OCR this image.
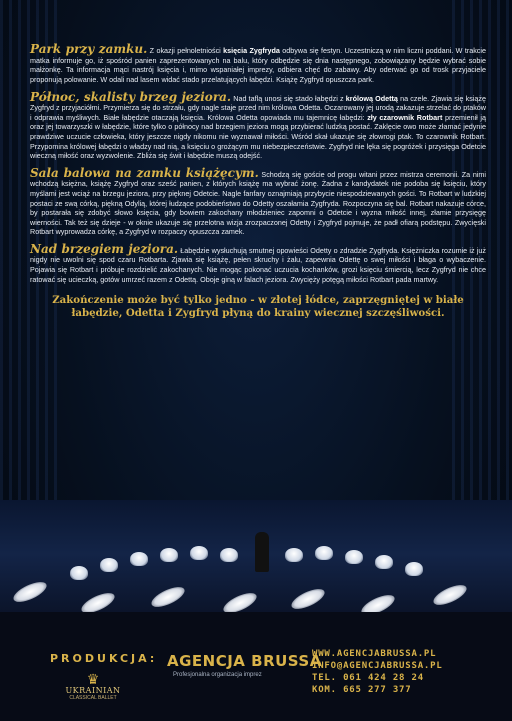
Park przy zamku. Z okazji pełnoletniości księcia Zygfryda odbywa się festyn. Uczestniczą w nim liczni poddani. W trakcie matka informuje go, iż spośród panien zaprezentowanych na balu, który odbędzie się dnia następnego, zobowiązany będzie wybrać sobie małżonkę. Ta informacja mąci nastrój księcia i, mimo wspaniałej imprezy, odbiera chęć do zabawy. Aby oderwać go od trosk przyjaciele proponują polowanie. W odali nad lasem widać stado przelatujących łabędzi. Książę Zygfryd opuszcza park.

Północ, skalisty brzeg jeziora. Nad taflą unosi się stado łabędzi z królową Odettą na czele. Zjawia się książę Zygfryd z przyjaciółmi. Przymierza się do strzału, gdy nagle staje przed nim królowa Odetta. Oczarowany jej urodą zakazuje strzelać do ptaków i odprawia myśliwych. Białe łabędzie otaczają księcia. Królowa Odetta opowiada mu tajemnicę łabędzi: zły czarownik Rotbart przemienił ją oraz jej towarzyszki w łabędzie, które tylko o północy nad brzegiem jeziora mogą przybierać ludzką postać. Zaklęcie owo może złamać jedynie prawdziwe uczucie człowieka, który jeszcze nigdy nikomu nie wyznawał miłości. Wśród skał ukazuje się złowrogi ptak. To czarownik Rotbart. Przypomina królowej łabędzi o władzy nad nią, a księciu o grożącym mu niebezpieczeństwie. Zygfryd nie lęka się pogróżek i przysięga Odetcie wieczną miłość oraz wyzwolenie. Zbliża się świt i łabędzie muszą odejść.

Sala balowa na zamku książęcym. Schodzą się goście od progu witani przez mistrza ceremonii. Za nimi wchodzą księżna, książę Zygfryd oraz sześć panien, z których książę ma wybrać żonę. Żadna z kandydatek nie podoba się księciu, który myślami jest wciąż na brzegu jeziora, przy pięknej Odetcie. Nagle fanfary oznajmiają przybycie niespodziewanych gości. To Rotbart w ludzkiej postaci ze swą córką, piękną Odylią, której łudzące podobieństwo do Odetty oszałamia Zygfryda. Rozpoczyna się bal. Rotbart nakazuje córce, by postarała się zdobyć słowo księcia, gdy bowiem zakochany młodzieniec zapomni o Odetcie i wyzna miłość innej, złamie przysięgę wierności. Tak też się dzieje - w oknie ukazuje się przelotna wizja zrozpaczonej Odetty i Zygfryd pojmuje, że padł ofiarą podstępu. Zwycięski Rotbart wyprowadza córkę, a Zygfryd w rozpaczy opuszcza zamek.

Nad brzegiem jeziora. Łabędzie wysłuchują smutnej opowieści Odetty o zdradzie Zygfryda. Księżniczka rozumie iż już nigdy nie uwolni się spod czaru Rotbarta. Zjawia się książę, pełen skruchy i żalu, zapewnia Odettę o swej miłości i błaga o wybaczenie. Pojawia się Rotbart i próbuje rozdzielić zakochanych. Nie mogąc pokonać uczucia kochanków, grozi księciu śmiercią, lecz Zygfryd nie chce ratować się ucieczką, gotów umrzeć razem z Odettą. Oboje giną w falach jeziora. Zwycięży potęgą miłości Rotbart pada martwy.

Zakończenie może być tylko jedno - w złotej łódce, zaprzęgniętej w białe łabędzie, Odetta i Zygfryd płyną do krainy wiecznej szczęśliwości.

PRODUKCJA:
♛
UKRAINIAN
CLASSICAL BALLET
AGENCJA BRUSSA
Profesjonalna organizacja imprez
WWW.AGENCJABRUSSA.PL
INFO@AGENCJABRUSSA.PL
TEL. 061 424 28 24
KOM. 665 277 377
